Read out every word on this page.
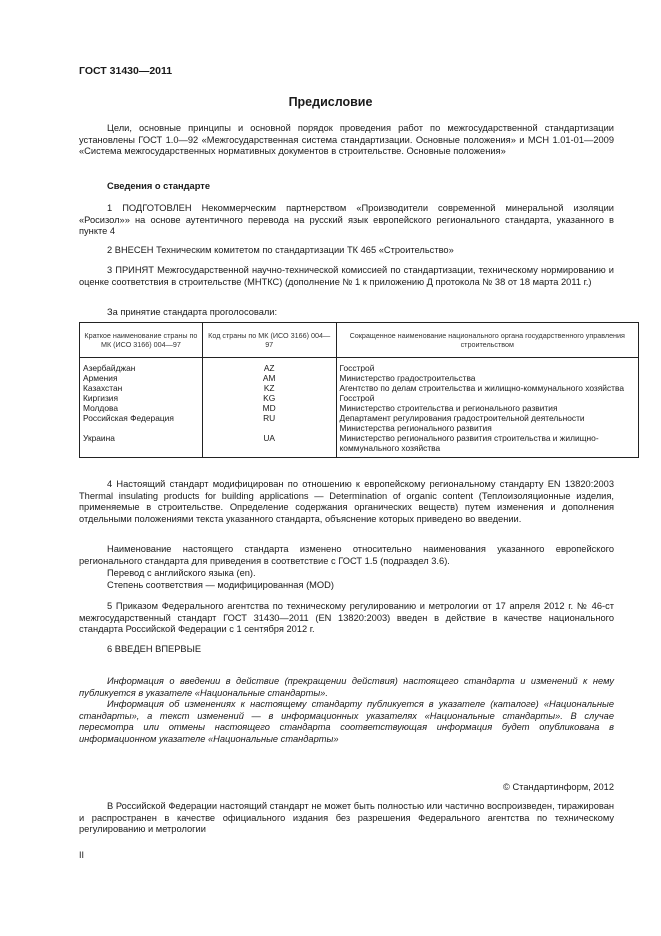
ГОСТ 31430—2011
Предисловие

Цели, основные принципы и основной порядок проведения работ по межгосударственной стандартизации установлены ГОСТ 1.0—92 «Межгосударственная система стандартизации. Основные положения» и МСН 1.01-01—2009 «Система межгосударственных нормативных документов в строительстве. Основные положения»

Сведения о стандарте

1 ПОДГОТОВЛЕН Некоммерческим партнерством «Производители современной минеральной изоляции «Росизол»» на основе аутентичного перевода на русский язык европейского регионального стандарта, указанного в пункте 4

2 ВНЕСЕН Техническим комитетом по стандартизации ТК 465 «Строительство»

3 ПРИНЯТ Межгосударственной научно-технической комиссией по стандартизации, техническому нормированию и оценке соответствия в строительстве (МНТКС) (дополнение № 1 к приложению Д протокола № 38 от 18 марта 2011 г.)

За принятие стандарта проголосовали:

Краткое наименование страны по МК (ИСО 3166) 004—97	Код страны по МК (ИСО 3166) 004—97	Сокращенное наименование национального органа государственного управления строительством
Азербайджан	AZ	Госстрой
Армения	AM	Министерство градостроительства
Казахстан	KZ	Агентство по делам строительства и жилищно-коммунального хозяйства
Киргизия	KG	Госстрой
Молдова	MD	Министерство строительства и регионального развития
Российская Федерация	RU	Департамент регулирования градостроительной деятельности Министерства регионального развития
Украина	UA	Министерство регионального развития строительства и жилищно-коммунального хозяйства

4 Настоящий стандарт модифицирован по отношению к европейскому региональному стандарту EN 13820:2003 Thermal insulating products for building applications — Determination of organic content (Теплоизоляционные изделия, применяемые в строительстве. Определение содержания органических веществ) путем изменения и дополнения отдельными положениями текста указанного стандарта, объяснение которых приведено во введении.

Наименование настоящего стандарта изменено относительно наименования указанного европейского регионального стандарта для приведения в соответствие с ГОСТ 1.5 (подраздел 3.6).

Перевод с английского языка (en).

Степень соответствия — модифицированная (MOD)

5 Приказом Федерального агентства по техническому регулированию и метрологии от 17 апреля 2012 г. № 46-ст межгосударственный стандарт ГОСТ 31430—2011 (EN 13820:2003) введен в действие в качестве национального стандарта Российской Федерации с 1 сентября 2012 г.

6 ВВЕДЕН ВПЕРВЫЕ

Информация о введении в действие (прекращении действия) настоящего стандарта и изменений к нему публикуется в указателе «Национальные стандарты».

Информация об изменениях к настоящему стандарту публикуется в указателе (каталоге) «Национальные стандарты», а текст изменений — в информационных указателях «Национальные стандарты». В случае пересмотра или отмены настоящего стандарта соответствующая информация будет опубликована в информационном указателе «Национальные стандарты»

© Стандартинформ, 2012

В Российской Федерации настоящий стандарт не может быть полностью или частично воспроизведен, тиражирован и распространен в качестве официального издания без разрешения Федерального агентства по техническому регулированию и метрологии

II
